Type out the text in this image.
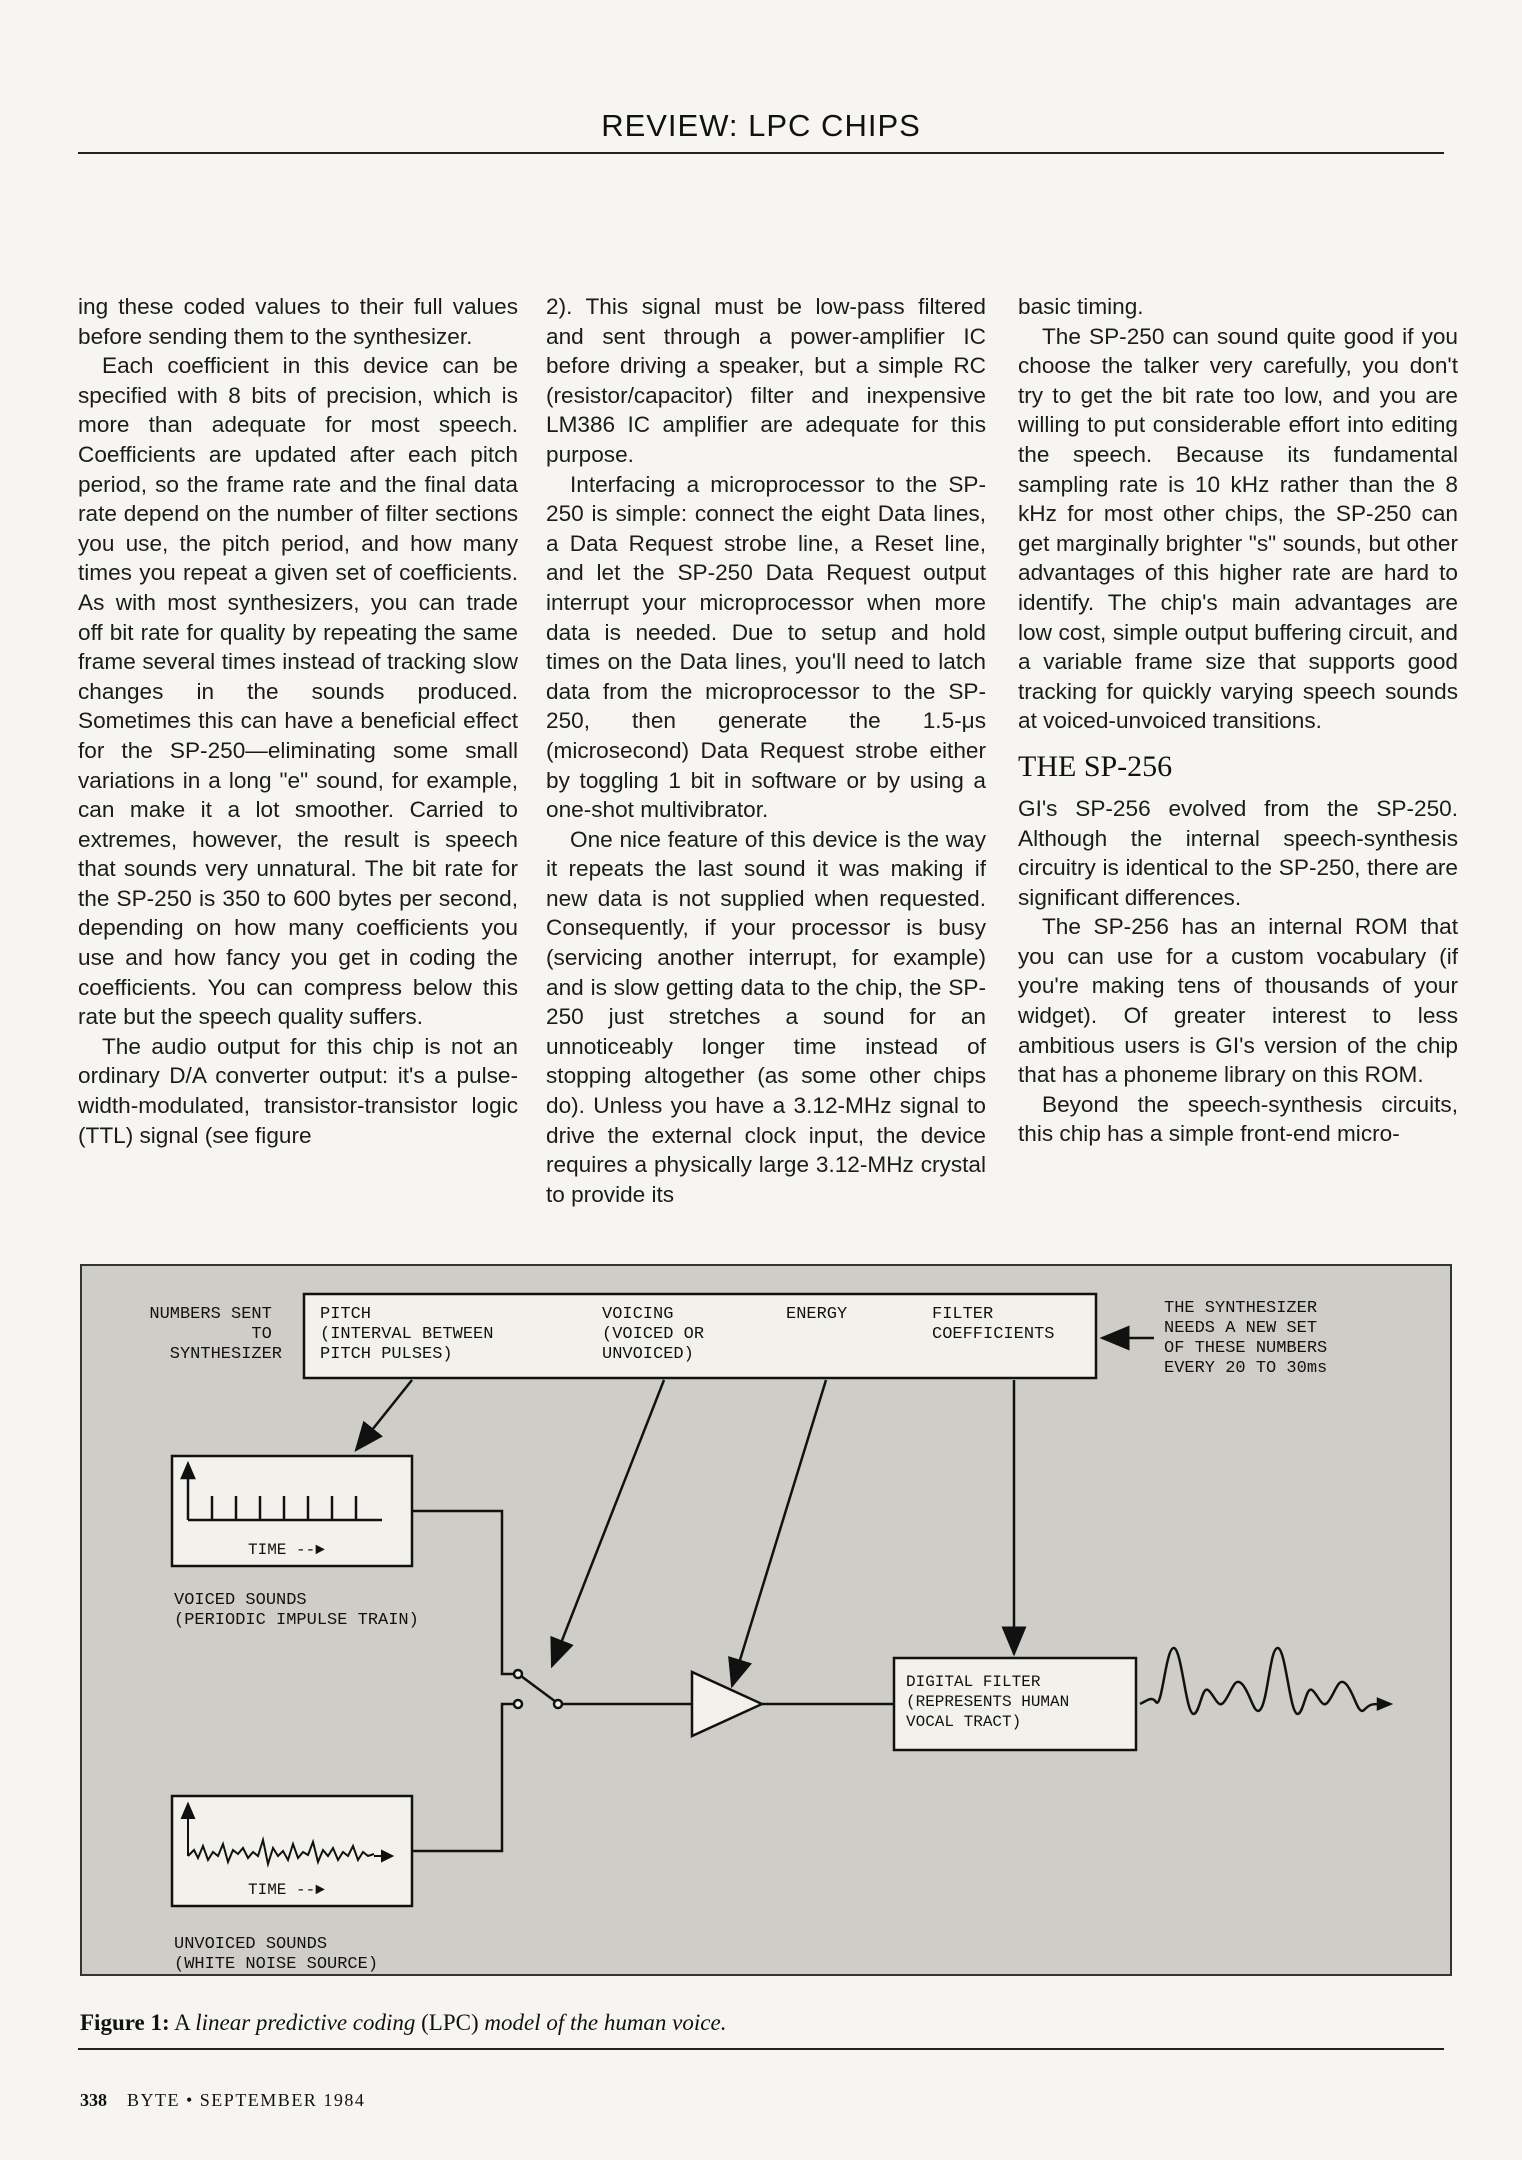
REVIEW: LPC CHIPS

ing these coded values to their full values before sending them to the synthesizer.

Each coefficient in this device can be specified with 8 bits of precision, which is more than adequate for most speech. Coefficients are updated after each pitch period, so the frame rate and the final data rate depend on the number of filter sections you use, the pitch period, and how many times you repeat a given set of coefficients. As with most synthesizers, you can trade off bit rate for quality by repeating the same frame several times instead of tracking slow changes in the sounds produced. Sometimes this can have a beneficial effect for the SP-250—eliminating some small variations in a long "e" sound, for example, can make it a lot smoother. Carried to extremes, however, the result is speech that sounds very unnatural. The bit rate for the SP-250 is 350 to 600 bytes per second, depending on how many coefficients you use and how fancy you get in coding the coefficients. You can compress below this rate but the speech quality suffers.

The audio output for this chip is not an ordinary D/A converter output: it's a pulse-width-modulated, transistor-transistor logic (TTL) signal (see figure

2). This signal must be low-pass filtered and sent through a power-amplifier IC before driving a speaker, but a simple RC (resistor/capacitor) filter and inexpensive LM386 IC amplifier are adequate for this purpose.

Interfacing a microprocessor to the SP-250 is simple: connect the eight Data lines, a Data Request strobe line, a Reset line, and let the SP-250 Data Request output interrupt your microprocessor when more data is needed. Due to setup and hold times on the Data lines, you'll need to latch data from the microprocessor to the SP-250, then generate the 1.5-μs (microsecond) Data Request strobe either by toggling 1 bit in software or by using a one-shot multivibrator.

One nice feature of this device is the way it repeats the last sound it was making if new data is not supplied when requested. Consequently, if your processor is busy (servicing another interrupt, for example) and is slow getting data to the chip, the SP-250 just stretches a sound for an unnoticeably longer time instead of stopping altogether (as some other chips do). Unless you have a 3.12-MHz signal to drive the external clock input, the device requires a physically large 3.12-MHz crystal to provide its

basic timing.

The SP-250 can sound quite good if you choose the talker very carefully, you don't try to get the bit rate too low, and you are willing to put considerable effort into editing the speech. Because its fundamental sampling rate is 10 kHz rather than the 8 kHz for most other chips, the SP-250 can get marginally brighter "s" sounds, but other advantages of this higher rate are hard to identify. The chip's main advantages are low cost, simple output buffering circuit, and a variable frame size that supports good tracking for quickly varying speech sounds at voiced-unvoiced transitions.

THE SP-256

GI's SP-256 evolved from the SP-250. Although the internal speech-synthesis circuitry is identical to the SP-250, there are significant differences.

The SP-256 has an internal ROM that you can use for a custom vocabulary (if you're making tens of thousands of your widget). Of greater interest to less ambitious users is GI's version of the chip that has a phoneme library on this ROM.

Beyond the speech-synthesis circuits, this chip has a simple front-end micro-

NUMBERS SENT TO SYNTHESIZER
PITCH (INTERVAL BETWEEN PITCH PULSES)
VOICING (VOICED OR UNVOICED)
ENERGY	FILTER COEFFICIENTS
THE SYNTHESIZER NEEDS A NEW SET OF THESE NUMBERS EVERY 20 TO 30ms
TIME --►
VOICED SOUNDS (PERIODIC IMPULSE TRAIN)
TIME --►
UNVOICED SOUNDS (WHITE NOISE SOURCE)
DIGITAL FILTER (REPRESENTS HUMAN VOCAL TRACT)
Figure 1: A linear predictive coding (LPC) model of the human voice.
338 BYTE • SEPTEMBER 1984
